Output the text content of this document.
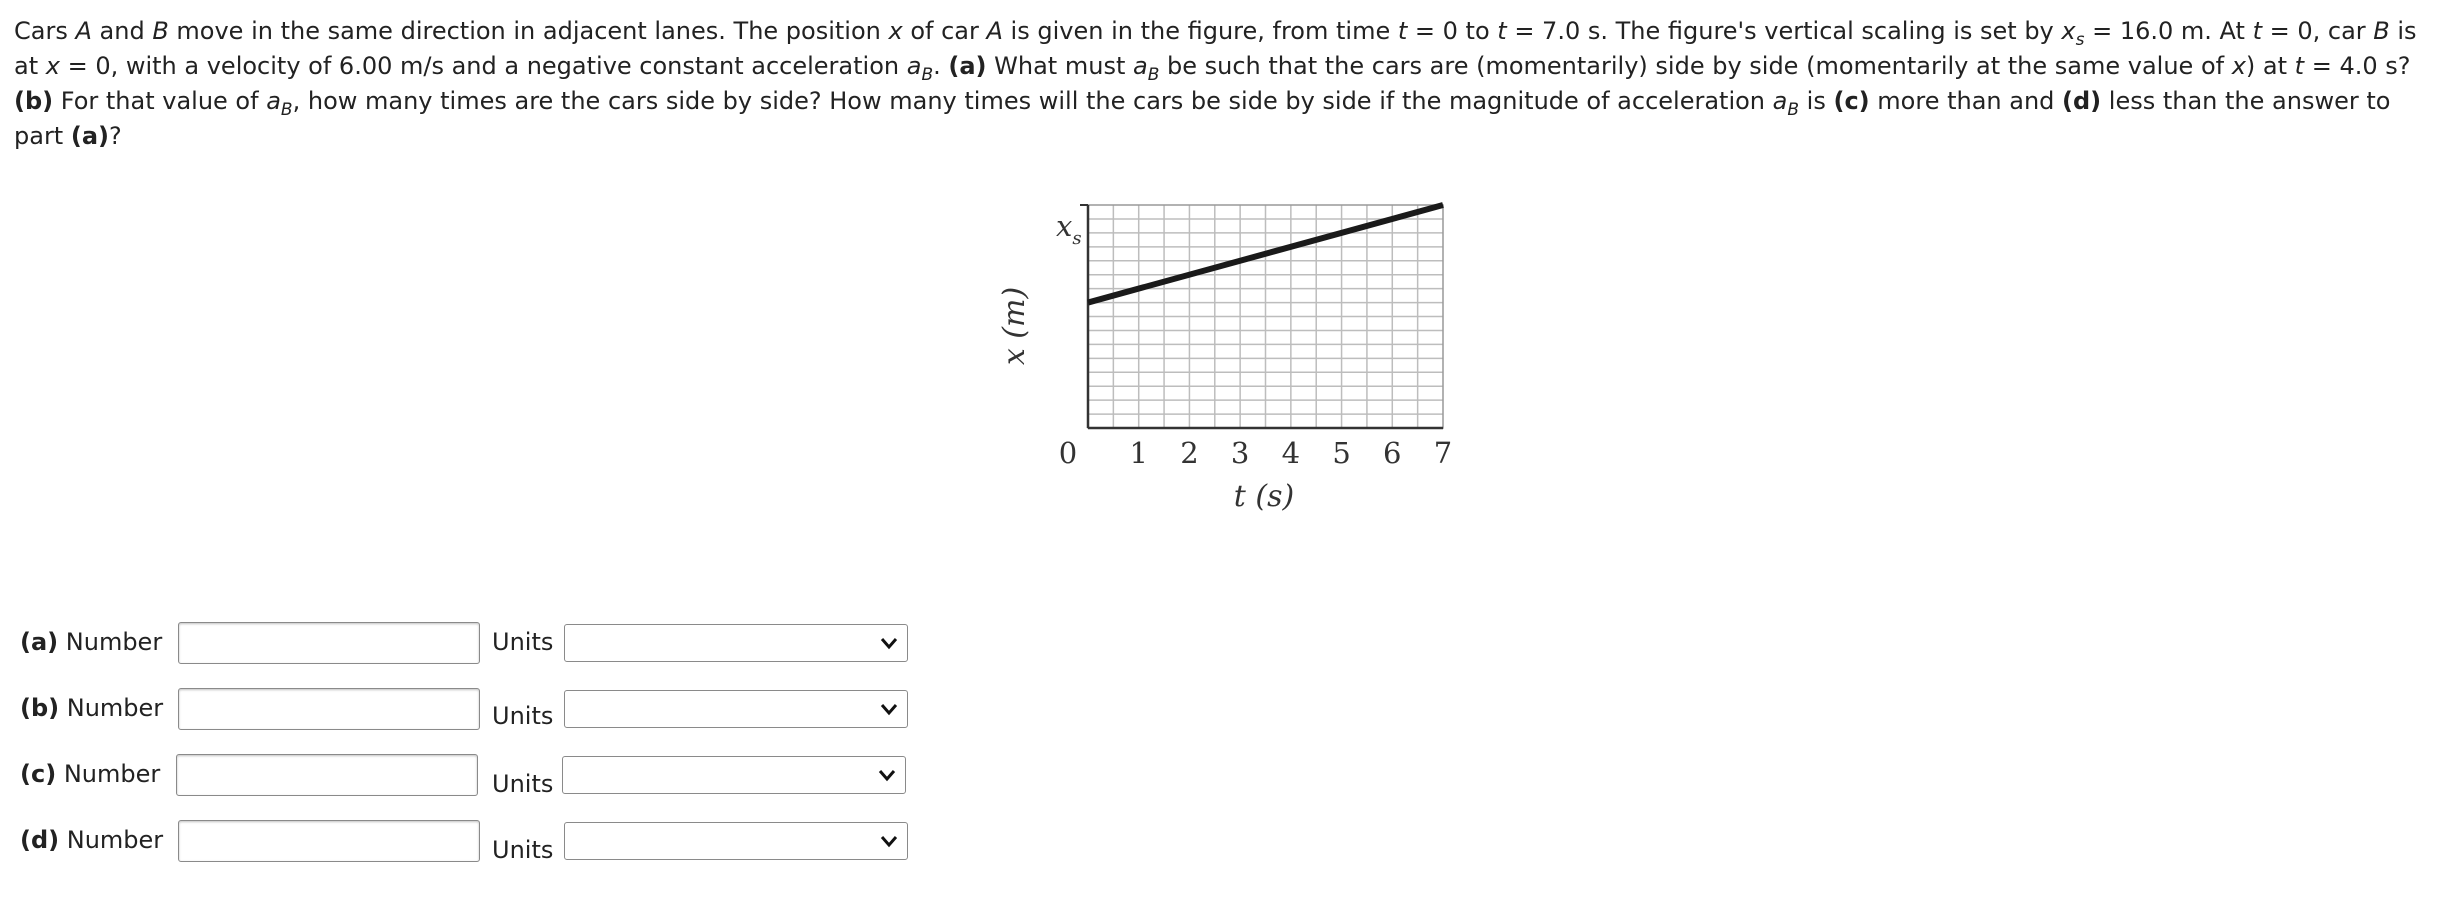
Cars A and B move in the same direction in adjacent lanes. The position x of car A is given in the figure, from time t = 0 to t = 7.0 s. The figure's vertical scaling is set by $x_s = 16.0$ m. At t = 0, car B is at x = 0, with a velocity of 6.00 m/s and a negative constant acceleration $a_B$. (a) What must $a_B$ be such that the cars are (momentarily) side by side (momentarily at the same value of x) at t = 4.0 s? (b) For that value of $a_B$, how many times are the cars side by side? How many times will the cars be side by side if the magnitude of acceleration $a_B$ is (c) more than and (d) less than the answer to part (a)?

0 1 2 3 4 5 6 7
$x_s$
x (m)
t (s)
(a) Number	Units
(b) Number	Units
(c) Number	Units
(d) Number	Units
